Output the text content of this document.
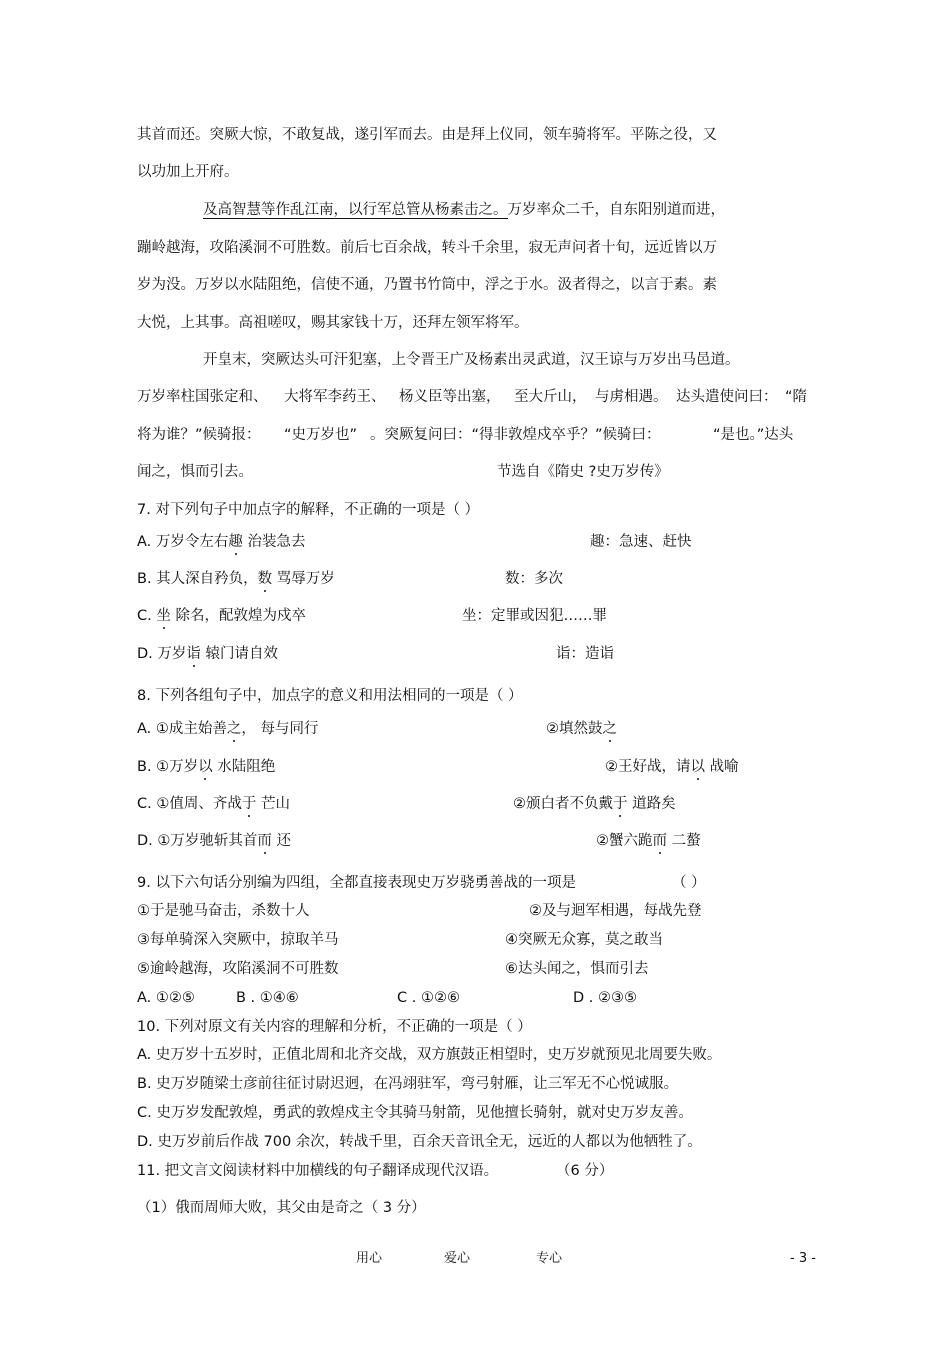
其首而还。突厥大惊，不敢复战，遂引军而去。由是拜上仪同，领车骑将军。平陈之役，又
以功加上开府。
及高智慧等作乱江南，以行军总管从杨素击之。万岁率众二千，自东阳别道而进，
蹦岭越海，攻陷溪洞不可胜数。前后七百余战，转斗千余里，寂无声问者十旬，远近皆以万
岁为没。万岁以水陆阻绝，信使不通，乃置书竹筒中，浮之于水。汲者得之，以言于素。素
大悦，上其事。高祖嗟叹，赐其家钱十万，还拜左领军将军。
开皇末，突厥达头可汗犯塞，上令晋王广及杨素出灵武道，汉王谅与万岁出马邑道。
万岁率柱国张定和、 大将军李药王、 杨义臣等出塞， 至大斤山， 与虏相遇。 达头遣使问曰： “隋
将为谁？”候骑报： “史万岁也” 。突厥复问曰：“得非敦煌戍卒乎？”候骑曰：	“是也。”达头
闻之，惧而引去。	节选自《隋史 ?史万岁传》
7. 对下列句子中加点字的解释，不正确的一项是（ ）
A. 万岁令左右趣 治装急去	趣：急速、赶快
B. 其人深自矜负，数 骂辱万岁	数：多次
C. 坐 除名，配敦煌为戍卒	坐：定罪或因犯……罪
D. 万岁诣 辕门请自效	诣：造诣
8. 下列各组句子中，加点字的意义和用法相同的一项是（ ）
A. ①成主始善之， 每与同行	②填然鼓之
B. ①万岁以 水陆阻绝	②王好战，请以 战喻
C. ①值周、齐战于 芒山	②颁白者不负戴于 道路矣
D. ①万岁驰斩其首而 还	②蟹六跪而 二螯
9. 以下六句话分别编为四组，全都直接表现史万岁骁勇善战的一项是	（ ）
①于是驰马奋击，杀数十人	②及与迴军相遇，每战先登
③每单骑深入突厥中，掠取羊马	④突厥无众寡，莫之敢当
⑤逾岭越海，攻陷溪洞不可胜数	⑥达头闻之，惧而引去
A. ①②⑤	B . ①④⑥	C . ①②⑥	D . ②③⑤
10. 下列对原文有关内容的理解和分析，不正确的一项是（ ）
A. 史万岁十五岁时，正值北周和北齐交战，双方旗鼓正相望时，史万岁就预见北周要失败。
B. 史万岁随梁士彦前往征讨尉迟迥，在冯翊驻军，弯弓射雁，让三军无不心悦诚服。
C. 史万岁发配敦煌，勇武的敦煌戍主令其骑马射箭，见他擅长骑射，就对史万岁友善。
D. 史万岁前后作战 700 余次，转战千里，百余天音讯全无，远近的人都以为他牺牲了。
11. 把文言文阅读材料中加横线的句子翻译成现代汉语。	（6 分）
（1）俄而周师大败，其父由是奇之（ 3 分）
用心	爱心	专心	- 3 -
